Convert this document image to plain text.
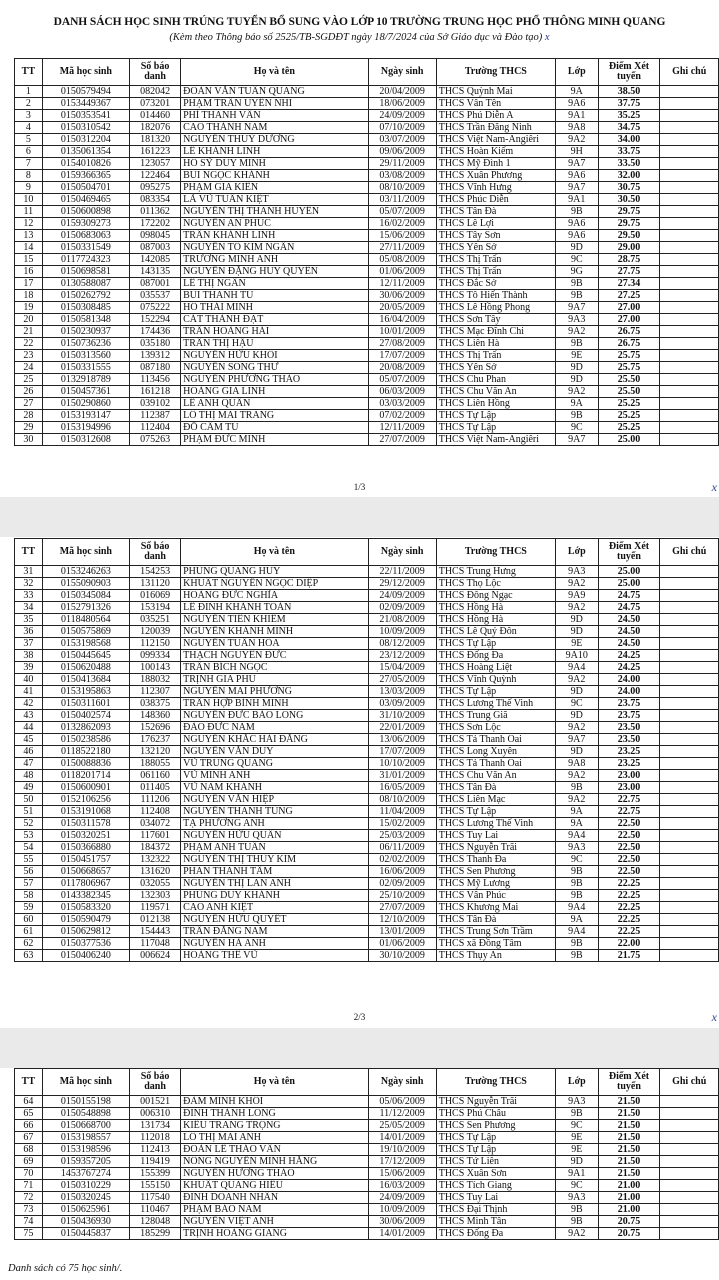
DANH SÁCH HỌC SINH TRÚNG TUYỂN BỔ SUNG VÀO LỚP 10 TRƯỜNG TRUNG HỌC PHỔ THÔNG MINH QUANG
(Kèm theo Thông báo số 2525/TB-SGDĐT ngày 18/7/2024 của Sở Giáo dục và Đào tạo) x
TT	Mã học sinh	Số báo danh	Họ và tên	Ngày sinh	Trường THCS	Lớp	Điểm Xét tuyển	Ghi chú
1	0150579494	082042	ĐOÀN VĂN TUẤN QUANG	20/04/2009	THCS Quỳnh Mai	9A	38.50	
2	0153449367	073201	PHẠM TRẦN UYÊN NHI	18/06/2009	THCS Vân Tên	9A6	37.75	
3	0150353541	014460	PHÍ THANH VÂN	24/09/2009	THCS Phú Diễn A	9A1	35.25	
4	0150310542	182076	CAO THÀNH NAM	07/10/2009	THCS Trần Đăng Ninh	9A8	34.75	
5	0150312204	181320	NGUYỄN THUỲ DƯƠNG	03/07/2009	THCS Việt Nam-Angiêri	9A2	34.00	
6	0135061354	161223	LÊ KHÁNH LINH	09/06/2009	THCS Hoàn Kiếm	9H	33.75	
7	0154010826	123057	HỒ SỸ DUY MINH	29/11/2009	THCS Mỹ Đình 1	9A7	33.50	
8	0159366365	122464	BÙI NGỌC KHÁNH	03/08/2009	THCS Xuân Phương	9A6	32.00	
9	0150504701	095275	PHẠM GIA KIÊN	08/10/2009	THCS Vĩnh Hưng	9A7	30.75	
10	0150469465	083354	LÃ VŨ TUẤN KIỆT	03/11/2009	THCS Phúc Diễn	9A1	30.50	
11	0150600898	011362	NGUYỄN THỊ THANH HUYỀN	05/07/2009	THCS Tân Đà	9B	29.75	
12	0159309273	172202	NGUYỄN AN PHÚC	16/02/2009	THCS Lê Lợi	9A6	29.75	
13	0150683063	098045	TRẦN KHÁNH LINH	15/06/2009	THCS Tây Sơn	9A6	29.50	
14	0150331549	087003	NGUYỄN TÔ KIM NGÂN	27/11/2009	THCS Yên Sở	9D	29.00	
15	0117724323	142085	TRƯƠNG MINH ANH	05/08/2009	THCS Thị Trấn	9C	28.75	
16	0150698581	143135	NGUYỄN ĐẶNG HUY QUYỀN	01/06/2009	THCS Thị Trấn	9G	27.75	
17	0130588087	087001	LÊ THỊ NGÂN	12/11/2009	THCS Đắc Sở	9B	27.34	
18	0150262792	035537	BÙI THANH TÚ	30/06/2009	THCS Tô Hiến Thành	9B	27.25	
19	0150308485	075222	HỒ THÁI MINH	20/05/2009	THCS Lê Hồng Phong	9A7	27.00	
20	0150581348	152294	CÁT THÀNH ĐẠT	16/04/2009	THCS Sơn Tây	9A3	27.00	
21	0150230937	174436	TRẦN HOÀNG HẢI	10/01/2009	THCS Mạc Đĩnh Chi	9A2	26.75	
22	0150736236	035180	TRẦN THỊ HẬU	27/08/2009	THCS Liên Hà	9B	26.75	
23	0150313560	139312	NGUYỄN HỮU KHÔI	17/07/2009	THCS Thị Trấn	9E	25.75	
24	0150331555	087180	NGUYỄN SONG THƯ	20/08/2009	THCS Yên Sở	9D	25.75	
25	0132918789	113456	NGUYỄN PHƯƠNG THẢO	05/07/2009	THCS Chu Phan	9D	25.50	
26	0150457361	161218	HOÀNG GIA LINH	06/03/2009	THCS Chu Văn An	9A2	25.50	
27	0150290860	039102	LÊ ANH QUÂN	03/03/2009	THCS Liên Hồng	9A	25.25	
28	0153193147	112387	LÔ THỊ MAI TRANG	07/02/2009	THCS Tự Lập	9B	25.25	
29	0153194996	112404	ĐỖ CẨM TÚ	12/11/2009	THCS Tự Lập	9C	25.25	
30	0150312608	075263	PHẠM ĐỨC MINH	27/07/2009	THCS Việt Nam-Angiêri	9A7	25.00	
1/3	x
TT	Mã học sinh	Số báo danh	Họ và tên	Ngày sinh	Trường THCS	Lớp	Điểm Xét tuyển	Ghi chú
31	0153246263	154253	PHÙNG QUANG HUY	22/11/2009	THCS Trung Hưng	9A3	25.00	
32	0155090903	131120	KHUẤT NGUYỄN NGỌC DIỆP	29/12/2009	THCS Thọ Lộc	9A2	25.00	
33	0150345084	016069	HOÀNG ĐỨC NGHĨA	24/09/2009	THCS Đông Ngạc	9A9	24.75	
34	0152791326	153194	LÊ ĐINH KHÁNH TOÀN	02/09/2009	THCS Hồng Hà	9A2	24.75	
35	0118480564	035251	NGUYỄN TIẾN KHIÊM	21/08/2009	THCS Hồng Hà	9D	24.50	
36	0150575869	120039	NGUYỄN KHÁNH MINH	10/09/2009	THCS Lê Quý Đôn	9D	24.50	
37	0153198568	112150	NGUYỄN TUẤN HÒA	08/12/2009	THCS Tự Lập	9E	24.50	
38	0150445645	099334	THẠCH NGUYÊN ĐỨC	23/12/2009	THCS Đống Đa	9A10	24.25	
39	0150620488	100143	TRẦN BÍCH NGỌC	15/04/2009	THCS Hoàng Liệt	9A4	24.25	
40	0150413684	188032	TRỊNH GIA PHÚ	27/05/2009	THCS Vĩnh Quỳnh	9A2	24.00	
41	0153195863	112307	NGUYỄN MAI PHƯƠNG	13/03/2009	THCS Tự Lập	9D	24.00	
42	0150311601	038375	TRẦN HỢP BÌNH MINH	03/09/2009	THCS Lương Thế Vinh	9C	23.75	
43	0150402574	148360	NGUYỄN ĐỨC BẢO LONG	31/10/2009	THCS Trung Giã	9D	23.75	
44	0132862093	152696	ĐÀO ĐỨC NAM	22/01/2009	THCS Sơn Lộc	9A2	23.50	
45	0150238586	176237	NGUYỄN KHẮC HẢI ĐĂNG	13/06/2009	THCS Tả Thanh Oai	9A7	23.50	
46	0118522180	132120	NGUYỄN VĂN DUY	17/07/2009	THCS Long Xuyên	9D	23.25	
47	0150088836	188055	VŨ TRUNG QUANG	10/10/2009	THCS Tả Thanh Oai	9A8	23.25	
48	0118201714	061160	VŨ MINH ANH	31/01/2009	THCS Chu Văn An	9A2	23.00	
49	0150600901	011405	VŨ NAM KHÁNH	16/05/2009	THCS Tân Đà	9B	23.00	
50	0152106256	111206	NGUYỄN VĂN HIỆP	08/10/2009	THCS Liên Mạc	9A2	22.75	
51	0153191068	112408	NGUYỄN THANH TÙNG	11/04/2009	THCS Tự Lập	9A	22.75	
52	0150311578	034072	TẠ PHƯƠNG ANH	15/02/2009	THCS Lương Thế Vinh	9A	22.50	
53	0150320251	117601	NGUYỄN HỮU QUÂN	25/03/2009	THCS Tuy Lai	9A4	22.50	
54	0150366880	184372	PHẠM ANH TUẤN	06/11/2009	THCS Nguyễn Trãi	9A3	22.50	
55	0150451757	132322	NGUYỄN THỊ THÙY KIM	02/02/2009	THCS Thanh Đa	9C	22.50	
56	0150668657	131620	PHAN THANH TÂM	16/06/2009	THCS Sen Phương	9B	22.50	
57	0117806967	032055	NGUYỄN THỊ LAN ANH	02/09/2009	THCS Mỹ Lương	9B	22.25	
58	0143382345	132303	PHÙNG DUY KHÁNH	25/10/2009	THCS Vân Phúc	9B	22.25	
59	0150583320	119571	CAO ANH KIỆT	27/07/2009	THCS Khương Mai	9A4	22.25	
60	0150590479	012138	NGUYỄN HỮU QUYẾT	12/10/2009	THCS Tân Đà	9A	22.25	
61	0150629812	154443	TRẦN ĐĂNG NAM	13/01/2009	THCS Trung Sơn Trầm	9A4	22.25	
62	0150377536	117048	NGUYỄN HÀ ANH	01/06/2009	THCS xã Đồng Tâm	9B	22.00	
63	0150406240	006624	HOÀNG THẾ VŨ	30/10/2009	THCS Thụy An	9B	21.75	
2/3	x
TT	Mã học sinh	Số báo danh	Họ và tên	Ngày sinh	Trường THCS	Lớp	Điểm Xét tuyển	Ghi chú
64	0150155198	001521	ĐÀM MINH KHÔI	05/06/2009	THCS Nguyễn Trãi	9A3	21.50	
65	0150548898	006310	ĐINH THÀNH LONG	11/12/2009	THCS Phú Châu	9B	21.50	
66	0150668700	131734	KIỀU TRANG TRỌNG	25/05/2009	THCS Sen Phương	9C	21.50	
67	0153198557	112018	LÔ THỊ MAI ANH	14/01/2009	THCS Tự Lập	9E	21.50	
68	0153198596	112413	ĐOÀN LÊ THẢO VÂN	19/10/2009	THCS Tự Lập	9E	21.50	
69	0159357205	119419	NÔNG NGUYỄN MINH HẰNG	17/12/2009	THCS Tứ Liên	9D	21.50	
70	1453767274	155399	NGUYỄN HƯƠNG THẢO	15/06/2009	THCS Xuân Sơn	9A1	21.50	
71	0150310229	155150	KHUẤT QUANG HIẾU	16/03/2009	THCS Tích Giang	9C	21.00	
72	0150320245	117540	ĐINH DOANH NHÂN	24/09/2009	THCS Tuy Lai	9A3	21.00	
73	0150625961	110467	PHẠM BẢO NAM	10/09/2009	THCS Đại Thịnh	9B	21.00	
74	0150436930	128048	NGUYỄN VIỆT ANH	30/06/2009	THCS Minh Tân	9B	20.75	
75	0150445837	185299	TRỊNH HOÀNG GIANG	14/01/2009	THCS Đống Đa	9A2	20.75	
Danh sách có 75 học sinh/.
